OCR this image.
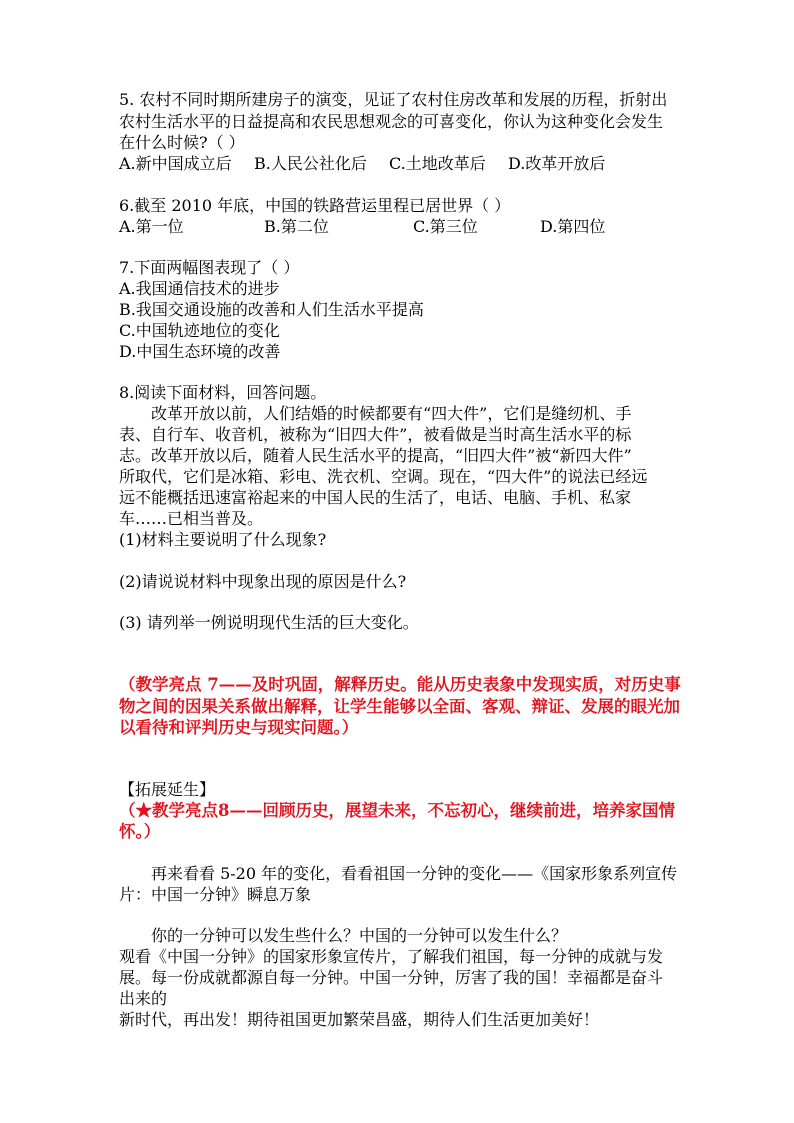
5. 农村不同时期所建房子的演变，见证了农村住房改革和发展的历程，折射出
农村生活水平的日益提高和农民思想观念的可喜变化，你认为这种变化会发生
在什么时候?（ ）
A.新中国成立后 B.人民公社化后 C.土地改革后 D.改革开放后
6.截至 2010 年底，中国的铁路营运里程已居世界（ ）
A.第一位	B.第二位	C.第三位	D.第四位
7.下面两幅图表现了（ ）
A.我国通信技术的进步
B.我国交通设施的改善和人们生活水平提高
C.中国轨迹地位的变化
D.中国生态环境的改善
8.阅读下面材料，回答问题。
改革开放以前，人们结婚的时候都要有“四大件”，它们是缝纫机、手
表、自行车、收音机，被称为“旧四大件”，被看做是当时高生活水平的标
志。改革开放以后，随着人民生活水平的提高，“旧四大件”被“新四大件”
所取代，它们是冰箱、彩电、洗衣机、空调。现在，“四大件”的说法已经远
远不能概括迅速富裕起来的中国人民的生活了，电话、电脑、手机、私家
车……已相当普及。
(1)材料主要说明了什么现象?
(2)请说说材料中现象出现的原因是什么?
(3) 请列举一例说明现代生活的巨大变化。
（教学亮点 7——及时巩固，解释历史。能从历史表象中发现实质，对历史事
物之间的因果关系做出解释，让学生能够以全面、客观、辩证、发展的眼光加
以看待和评判历史与现实问题。）
【拓展延生】
（★教学亮点8——回顾历史，展望未来，不忘初心，继续前进，培养家国情
怀。）
再来看看 5-20 年的变化，看看祖国一分钟的变化——《国家形象系列宣传
片：中国一分钟》瞬息万象
你的一分钟可以发生些什么？中国的一分钟可以发生什么？
观看《中国一分钟》的国家形象宣传片，了解我们祖国，每一分钟的成就与发
展。每一份成就都源自每一分钟。中国一分钟，厉害了我的国！幸福都是奋斗
出来的
新时代，再出发！期待祖国更加繁荣昌盛，期待人们生活更加美好！
